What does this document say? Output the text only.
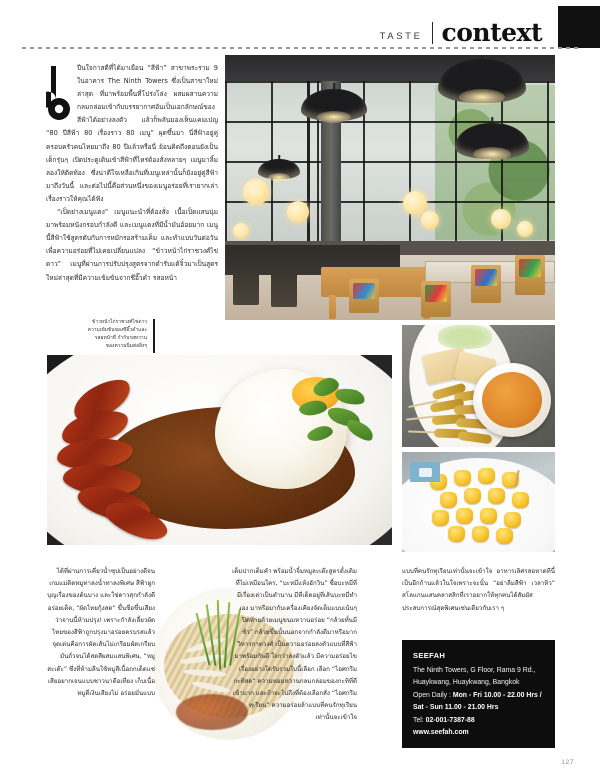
TASTE context

ปีนใจกาสดีที่ได้มาเยือน “สีฟ้า” สาขาพระราม 9 ในอาคาร The Ninth Towers ซึ่งเป็นสาขาใหม่ล่าสุด ที่มาพร้อมพื้นที่โปร่งโล่ง ผสมผสานความกลมกล่อมเข้ากับบรรยากาศอันเป็นเอกลักษณ์ของสีฟ้าได้อย่างลงตัว แล้วก็พลันมองเห็นแคมเปญ “80 ปีสีฟ้า 80 เรื่องราว 80 เมนู” ผุดขึ้นมา นี่สีฟ้าอยู่คู่ครอบครัวคนไทยมาถึง 80 ปีแล้วหรือนี่ ย้อนคิดถึงตอนยังเป็นเด็กรุ่นๆ เปิดประตูเดินเข้าสีฟ้าที่ไหร่ต้องสั่งหลายๆ เมนูมาลิ้มลองให้ติดท้อง ซึ่งน่าดีใจเหลือเกินที่เมนูเหล่านั้นก็ยังอยู่คู่สีฟ้ามาถึงวันนี้ และต่อไปนี้คือส่วนหนึ่งของเมนูอร่อยที่เรายากเล่าเรื่องราวให้คุณได้ฟัง

“เป็ดย่างเมนูแดง” เมนูแนะนำที่ต้องสั่ง เนื้อเป็ดแสนนุ่มมาพร้อมหนังกรอบกำลังดี และเมนูแดงที่มีน้ำมันอ้อยมาก เมนูนี้สีฟ้าใช้สูตรดับกับการหมักรอสร้ามเค็ม และทำแบบวันต่อวัน เพื่อความอร่อยที่ไม่เคยเปลี่ยนแปลง “ข้าวหน้าไก่ราชวงศ์ไข่ดาว” เมนูที่ผ่านการปรับปรุงสูตรจากตำรับแต้จิ๋วมาเป็นสูตรใหม่ล่าสุดที่มีความเข้มข้นจากชีอิ๊วดำ รสอหน้า

ข้าวหน้าไก่ราชวงศ์ไข่ดาว
ความเข้มข้นของซีอิ๊วดำและ
รสอหน้าที่ กำกับรสหวาน
ของความนิ่มต่อยิ่งๆ
ได้ที่ผ่านการเคี่ยวน้ำซุปเป็นอย่างดีจนเกมแม่ดิดหมูทาลงน้ำทาลงพิเศษ สีฟ้าผูกบุญเรื่องของต้นบาง และใช่ดาวสุกกำลังดี อร่อยเด็ด, “ผัดไทยกุ้งสด” ขึ้นชื่อขึ้นเสียงว่าจานนี้ห้ามปรุง! เพราะกำลังเลี้ยวผัดไทยของสีฟ้าถูกปรุงมาอร่อยครบรสแล้ว จุดเด่นคือการผัดเส้นไม่เกรียมผัดเกรียบ มันถั่วจนได้สดสีผสมแสนพิเศษ, “หมูสะเต๊ะ” ซึ่งที่ห้ามลืนใช้หมูสีเนื้อถกเด็ดแช่เสียอยากเจนแบบชาวนาดีอเที่ยง เก็บเนื้อหมูดีเงินเสียงไม่ อร่อยมั่นแบบ
เต็มปากเต็มคำ พร้อมน้ำจิ้มหมูละเต๊ะสูตรตั้งเดิมที่ไม่เหมือนใคร, “บะหมี่แห้งฮักวิน” ซื้อบะหมี่ที่มีเรื่องเล่าเป็นตำนาน มีที่เด็ดอยู่ที่เส้นบะหมี่ทำเอง มาหรือมากับเครื่องเคียงจัดเต็มแบบเน้นๆ ปิดท้ายด้วยเมนูขนมหวานอร่อย “กล้วยทั้นมีชั่ว” กล้วยขึ้นนั้นนอกจากกำลังดีมาหรือมากวิหารกาดวงศ์ เป็นความอร่อยลงตัวแบบที่สีฟ้ามาพร้อมกันดี ใจกว่าลงตัวแล้ว มีความอร่อยไขเรื่องอย่างใดรับรวมใบนี้เลือก เลือก “ไอศกรีมกะทิสด” ความหอมหวานกลมกล่อมของกะทิที่ดีเข้าบาก และถ้าจะไปถึงที่ต้องเลือกสั่ง “ไอศกรีมทุเรียน” ความอร่อยล้าแบบที่คนรักทุเรียนเท่านั้นจะเข้าใจ
แบบที่คนรักทุเรียนเท่านั้นจะเข้าใจ อาหารเลิศรสอหาดทีนี้ เป็นอีกก้านแล้วในใจเพราะจะนั้น “อย่าลืมสีฟ้า เวลาหิว” สโลแกนแสนคลาสสิกที่เราอยากให้ทุกคนได้สัมผัสประสบการณ์สุดพิเศษเช่นเดียวกับเรา ๆ
SEEFAH
The Ninth Towers, G Floor, Rama 9 Rd.,
Huaykwang, Huaykwang, Bangkok
Open Daily : Mon - Fri 10.00 - 22.00 Hrs /
Sat - Sun 11.00 - 21.00 Hrs
Tel: 02-001-7387-88
www.seefah.com
127
